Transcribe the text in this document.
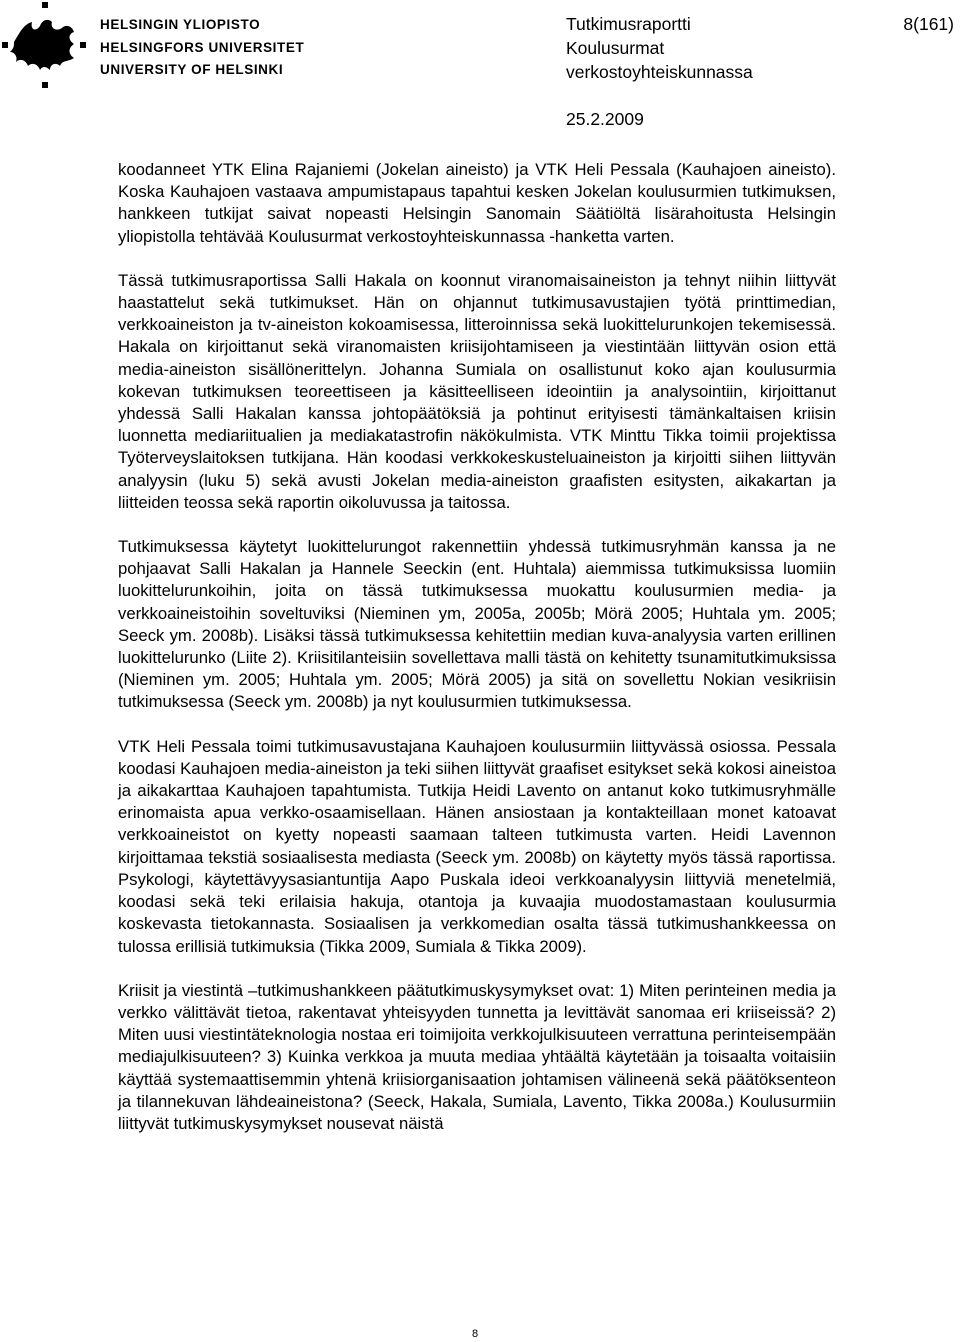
HELSINGIN YLIOPISTO
HELSINGFORS UNIVERSITET
UNIVERSITY OF HELSINKI
Tutkimusraportti
Koulusurmat
verkostoyhteiskunnassa
25.2.2009
8(161)

koodanneet YTK Elina Rajaniemi (Jokelan aineisto) ja VTK Heli Pessala (Kauhajoen aineisto). Koska Kauhajoen vastaava ampumistapaus tapahtui kesken Jokelan koulusurmien tutkimuksen, hankkeen tutkijat saivat nopeasti Helsingin Sanomain Säätiöltä lisärahoitusta Helsingin yliopistolla tehtävää Koulusurmat verkostoyhteiskunnassa -hanketta varten.

Tässä tutkimusraportissa Salli Hakala on koonnut viranomaisaineiston ja tehnyt niihin liittyvät haastattelut sekä tutkimukset. Hän on ohjannut tutkimusavustajien työtä printtimedian, verkkoaineiston ja tv-aineiston kokoamisessa, litteroinnissa sekä luokittelurunkojen tekemisessä. Hakala on kirjoittanut sekä viranomaisten kriisijohtamiseen ja viestintään liittyvän osion että media-aineiston sisällönerittelyn. Johanna Sumiala on osallistunut koko ajan koulusurmia kokevan tutkimuksen teoreettiseen ja käsitteelliseen ideointiin ja analysointiin, kirjoittanut yhdessä Salli Hakalan kanssa johtopäätöksiä ja pohtinut erityisesti tämänkaltaisen kriisin luonnetta mediariitualien ja mediakatastrofin näkökulmista. VTK Minttu Tikka toimii projektissa Työterveyslaitoksen tutkijana. Hän koodasi verkkokeskusteluaineiston ja kirjoitti siihen liittyvän analyysin (luku 5) sekä avusti Jokelan media-aineiston graafisten esitysten, aikakartan ja liitteiden teossa sekä raportin oikoluvussa ja taitossa.

Tutkimuksessa käytetyt luokittelurungot rakennettiin yhdessä tutkimusryhmän kanssa ja ne pohjaavat Salli Hakalan ja Hannele Seeckin (ent. Huhtala) aiemmissa tutkimuksissa luomiin luokittelurunkoihin, joita on tässä tutkimuksessa muokattu koulusurmien media- ja verkkoaineistoihin soveltuviksi (Nieminen ym, 2005a, 2005b; Mörä 2005; Huhtala ym. 2005; Seeck ym. 2008b). Lisäksi tässä tutkimuksessa kehitettiin median kuva-analyysia varten erillinen luokittelurunko (Liite 2). Kriisitilanteisiin sovellettava malli tästä on kehitetty tsunamitutkimuksissa (Nieminen ym. 2005; Huhtala ym. 2005; Mörä 2005) ja sitä on sovellettu Nokian vesikriisin tutkimuksessa (Seeck ym. 2008b) ja nyt koulusurmien tutkimuksessa.

VTK Heli Pessala toimi tutkimusavustajana Kauhajoen koulusurmiin liittyvässä osiossa. Pessala koodasi Kauhajoen media-aineiston ja teki siihen liittyvät graafiset esitykset sekä kokosi aineistoa ja aikakarttaa Kauhajoen tapahtumista. Tutkija Heidi Lavento on antanut koko tutkimusryhmälle erinomaista apua verkko-osaamisellaan. Hänen ansiostaan ja kontakteillaan monet katoavat verkkoaineistot on kyetty nopeasti saamaan talteen tutkimusta varten. Heidi Lavennon kirjoittamaa tekstiä sosiaalisesta mediasta (Seeck ym. 2008b) on käytetty myös tässä raportissa. Psykologi, käytettävyysasiantuntija Aapo Puskala ideoi verkkoanalyysin liittyviä menetelmiä, koodasi sekä teki erilaisia hakuja, otantoja ja kuvaajia muodostamastaan koulusurmia koskevasta tietokannasta. Sosiaalisen ja verkkomedian osalta tässä tutkimushankkeessa on tulossa erillisiä tutkimuksia (Tikka 2009, Sumiala & Tikka 2009).

Kriisit ja viestintä –tutkimushankkeen päätutkimuskysymykset ovat: 1) Miten perinteinen media ja verkko välittävät tietoa, rakentavat yhteisyyden tunnetta ja levittävät sanomaa eri kriiseissä? 2) Miten uusi viestintäteknologia nostaa eri toimijoita verkkojulkisuuteen verrattuna perinteisempään mediajulkisuuteen? 3) Kuinka verkkoa ja muuta mediaa yhtäältä käytetään ja toisaalta voitaisiin käyttää systemaattisemmin yhtenä kriisiorganisaation johtamisen välineenä sekä päätöksenteon ja tilannekuvan lähdeaineistona? (Seeck, Hakala, Sumiala, Lavento, Tikka 2008a.) Koulusurmiin liittyvät tutkimuskysymykset nousevat näistä

8
